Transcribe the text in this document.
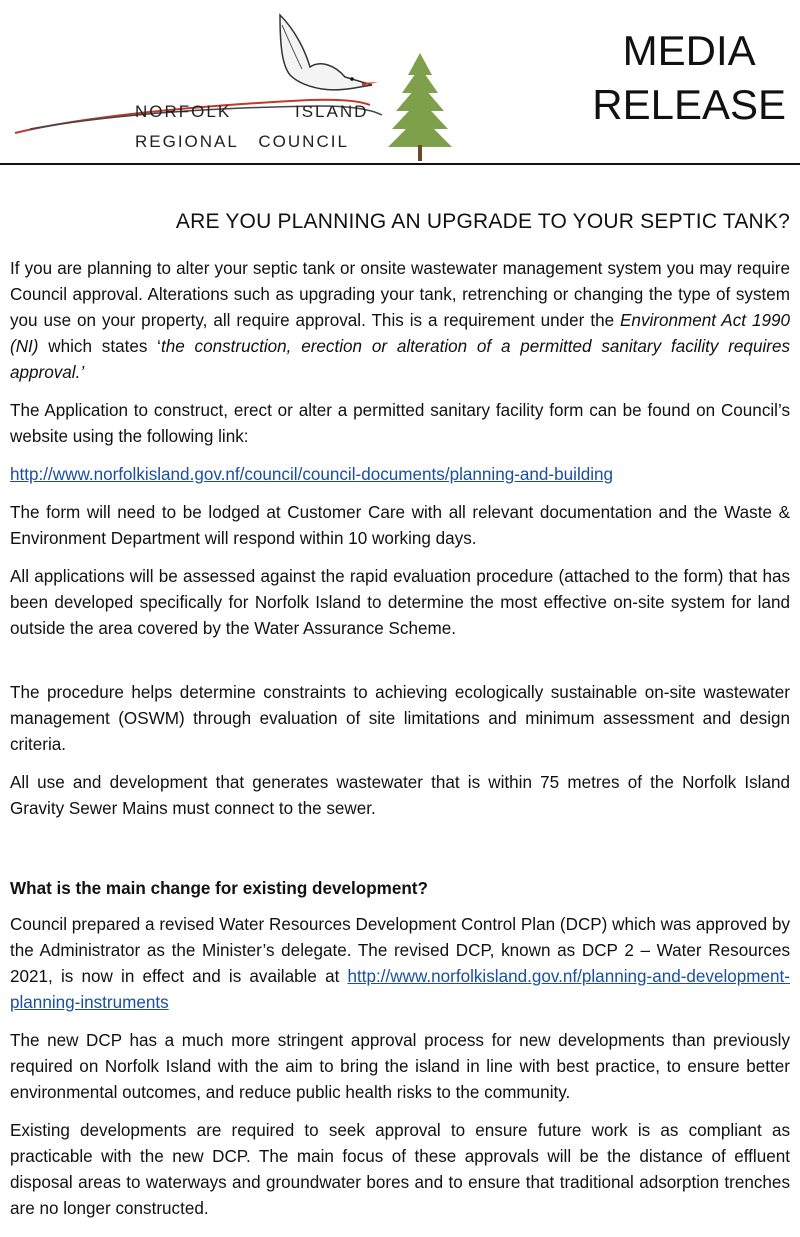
NORFOLK	ISLAND
REGIONAL   COUNCIL
MEDIA
RELEASE
ARE YOU PLANNING AN UPGRADE TO YOUR SEPTIC TANK?

If you are planning to alter your septic tank or onsite wastewater management system you may require Council approval. Alterations such as upgrading your tank, retrenching or changing the type of system you use on your property, all require approval. This is a requirement under the Environment Act 1990 (NI) which states ‘the construction, erection or alteration of a permitted sanitary facility requires approval.’

The Application to construct, erect or alter a permitted sanitary facility form can be found on Council’s website using the following link:

http://www.norfolkisland.gov.nf/council/council-documents/planning-and-building

The form will need to be lodged at Customer Care with all relevant documentation and the Waste & Environment Department will respond within 10 working days.

All applications will be assessed against the rapid evaluation procedure (attached to the form) that has been developed specifically for Norfolk Island to determine the most effective on-site system for land outside the area covered by the Water Assurance Scheme.

The procedure helps determine constraints to achieving ecologically sustainable on-site wastewater management (OSWM) through evaluation of site limitations and minimum assessment and design criteria.

All use and development that generates wastewater that is within 75 metres of the Norfolk Island Gravity Sewer Mains must connect to the sewer.

What is the main change for existing development?

Council prepared a revised Water Resources Development Control Plan (DCP) which was approved by the Administrator as the Minister’s delegate. The revised DCP, known as DCP 2 – Water Resources 2021, is now in effect and is available at http://www.norfolkisland.gov.nf/planning-and-development-planning-instruments

The new DCP has a much more stringent approval process for new developments than previously required on Norfolk Island with the aim to bring the island in line with best practice, to ensure better environmental outcomes, and reduce public health risks to the community.

Existing developments are required to seek approval to ensure future work is as compliant as practicable with the new DCP. The main focus of these approvals will be the distance of effluent disposal areas to waterways and groundwater bores and to ensure that traditional adsorption trenches are no longer constructed.
